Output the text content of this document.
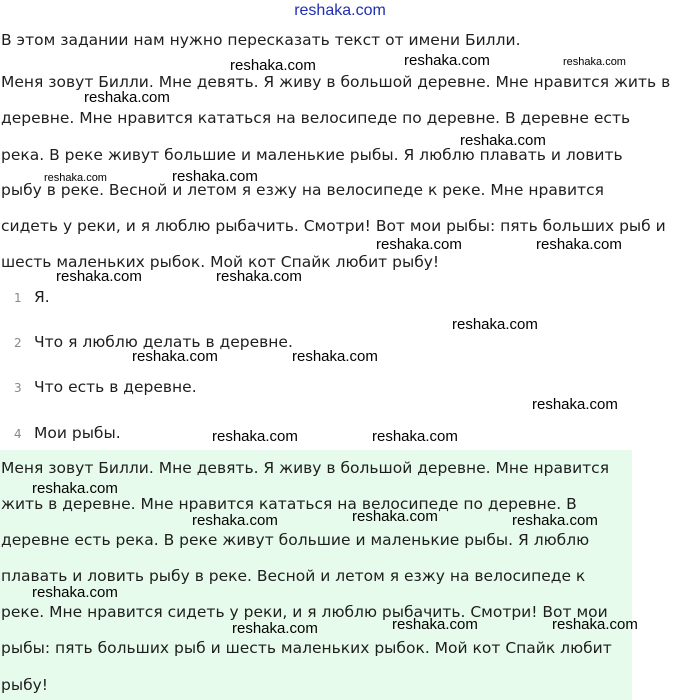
reshaka.com
В этом задании нам нужно пересказать текст от имени Билли.
Меня зовут Билли. Мне девять. Я живу в большой деревне. Мне нравится жить в
деревне. Мне нравится кататься на велосипеде по деревне. В деревне есть
река. В реке живут большие и маленькие рыбы. Я люблю плавать и ловить
рыбу в реке. Весной и летом я езжу на велосипеде к реке. Мне нравится
сидеть у реки, и я люблю рыбачить. Смотри! Вот мои рыбы: пять больших рыб и
шесть маленьких рыбок. Мой кот Спайк любит рыбу!
1 Я.
2 Что я люблю делать в деревне.
3 Что есть в деревне.
4 Мои рыбы.
Меня зовут Билли. Мне девять. Я живу в большой деревне. Мне нравится
жить в деревне. Мне нравится кататься на велосипеде по деревне. В
деревне есть река. В реке живут большие и маленькие рыбы. Я люблю
плавать и ловить рыбу в реке. Весной и летом я езжу на велосипеде к
реке. Мне нравится сидеть у реки, и я люблю рыбачить. Смотри! Вот мои
рыбы: пять больших рыб и шесть маленьких рыбок. Мой кот Спайк любит
рыбу!
reshaka.com	reshaka.com	reshaka.com
reshaka.com
reshaka.com
reshaka.com	reshaka.com
reshaka.com	reshaka.com
reshaka.com	reshaka.com
reshaka.com
reshaka.com	reshaka.com
reshaka.com
reshaka.com	reshaka.com
reshaka.com
reshaka.com	reshaka.com	reshaka.com
reshaka.com
reshaka.com	reshaka.com	reshaka.com
